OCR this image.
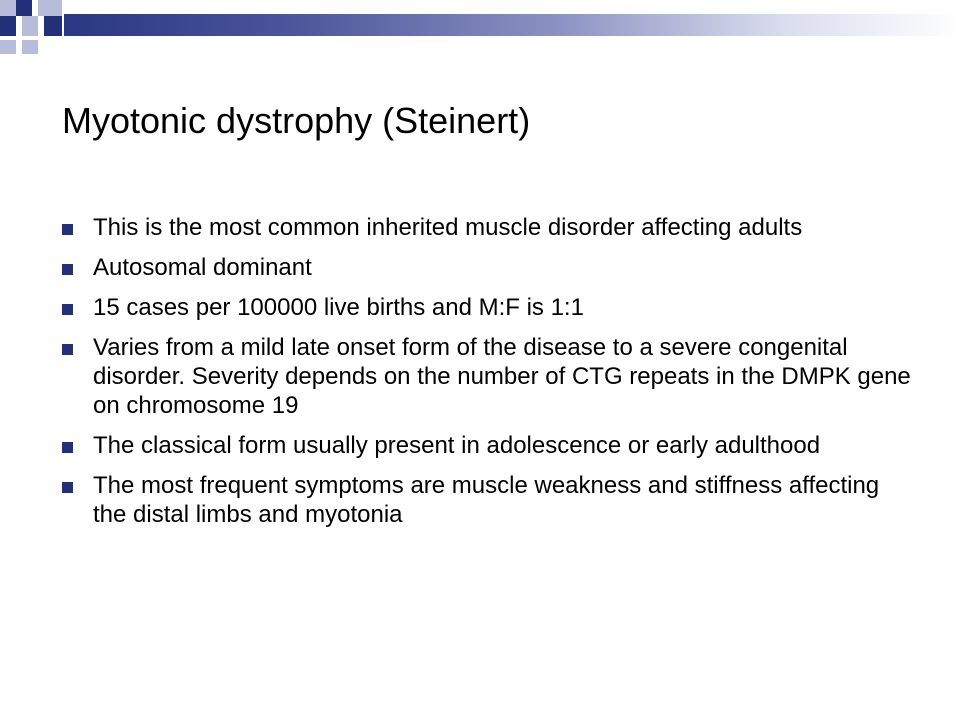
Myotonic dystrophy (Steinert)
This is the most common inherited muscle disorder affecting adults
Autosomal dominant
15 cases per 100000 live births and M:F is 1:1
Varies from a mild late onset form of the disease to a severe congenital disorder. Severity depends on the number of CTG repeats in the DMPK gene on chromosome 19
The classical form usually present in adolescence or early adulthood
The most frequent symptoms are muscle weakness and stiffness affecting the distal limbs and myotonia
